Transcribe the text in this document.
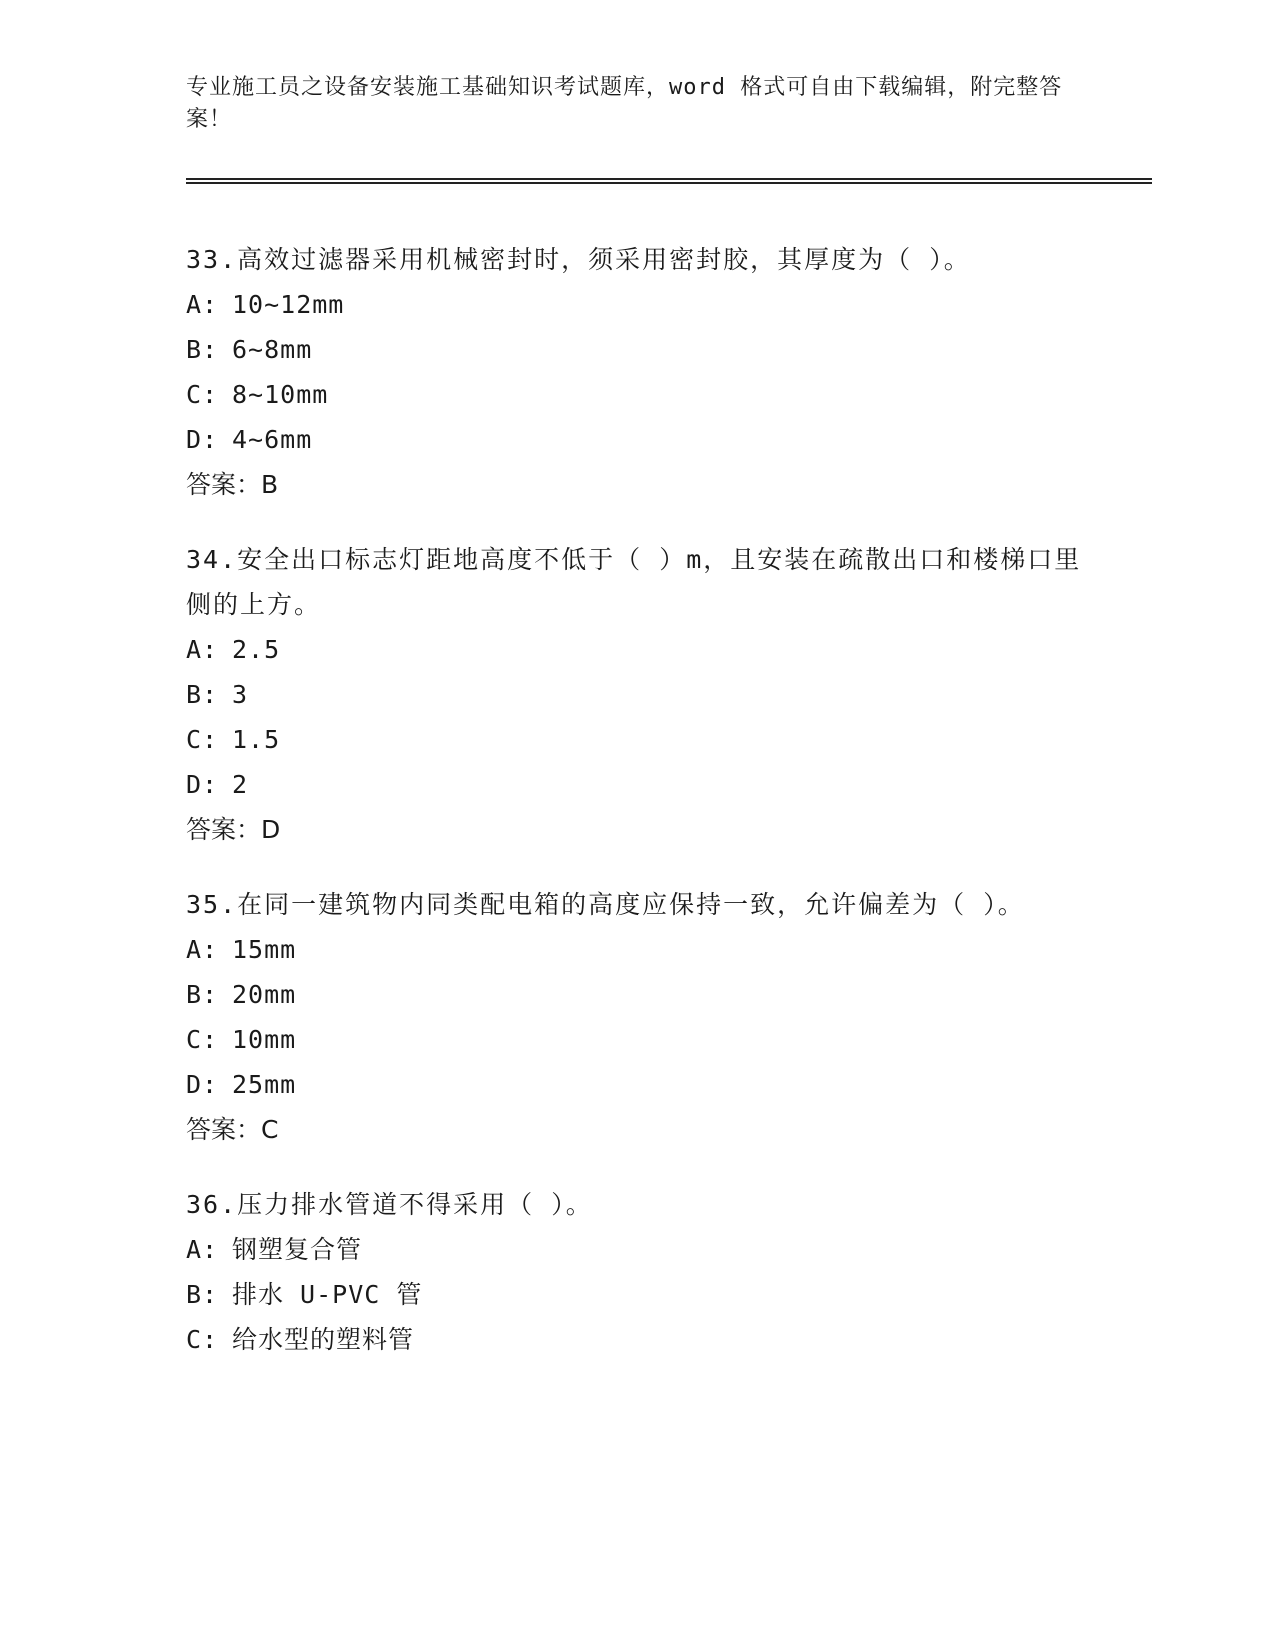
专业施工员之设备安装施工基础知识考试题库，word 格式可自由下载编辑，附完整答案！

33.高效过滤器采用机械密封时，须采用密封胶，其厚度为（ ）。

A: 10~12mm

B: 6~8mm

C: 8~10mm

D: 4~6mm

答案：B

34.安全出口标志灯距地高度不低于（ ）m，且安装在疏散出口和楼梯口里侧的上方。

A: 2.5

B: 3

C: 1.5

D: 2

答案：D

35.在同一建筑物内同类配电箱的高度应保持一致，允许偏差为（ ）。

A: 15mm

B: 20mm

C: 10mm

D: 25mm

答案：C

36.压力排水管道不得采用（ ）。

A: 钢塑复合管

B: 排水 U-PVC 管

C: 给水型的塑料管
